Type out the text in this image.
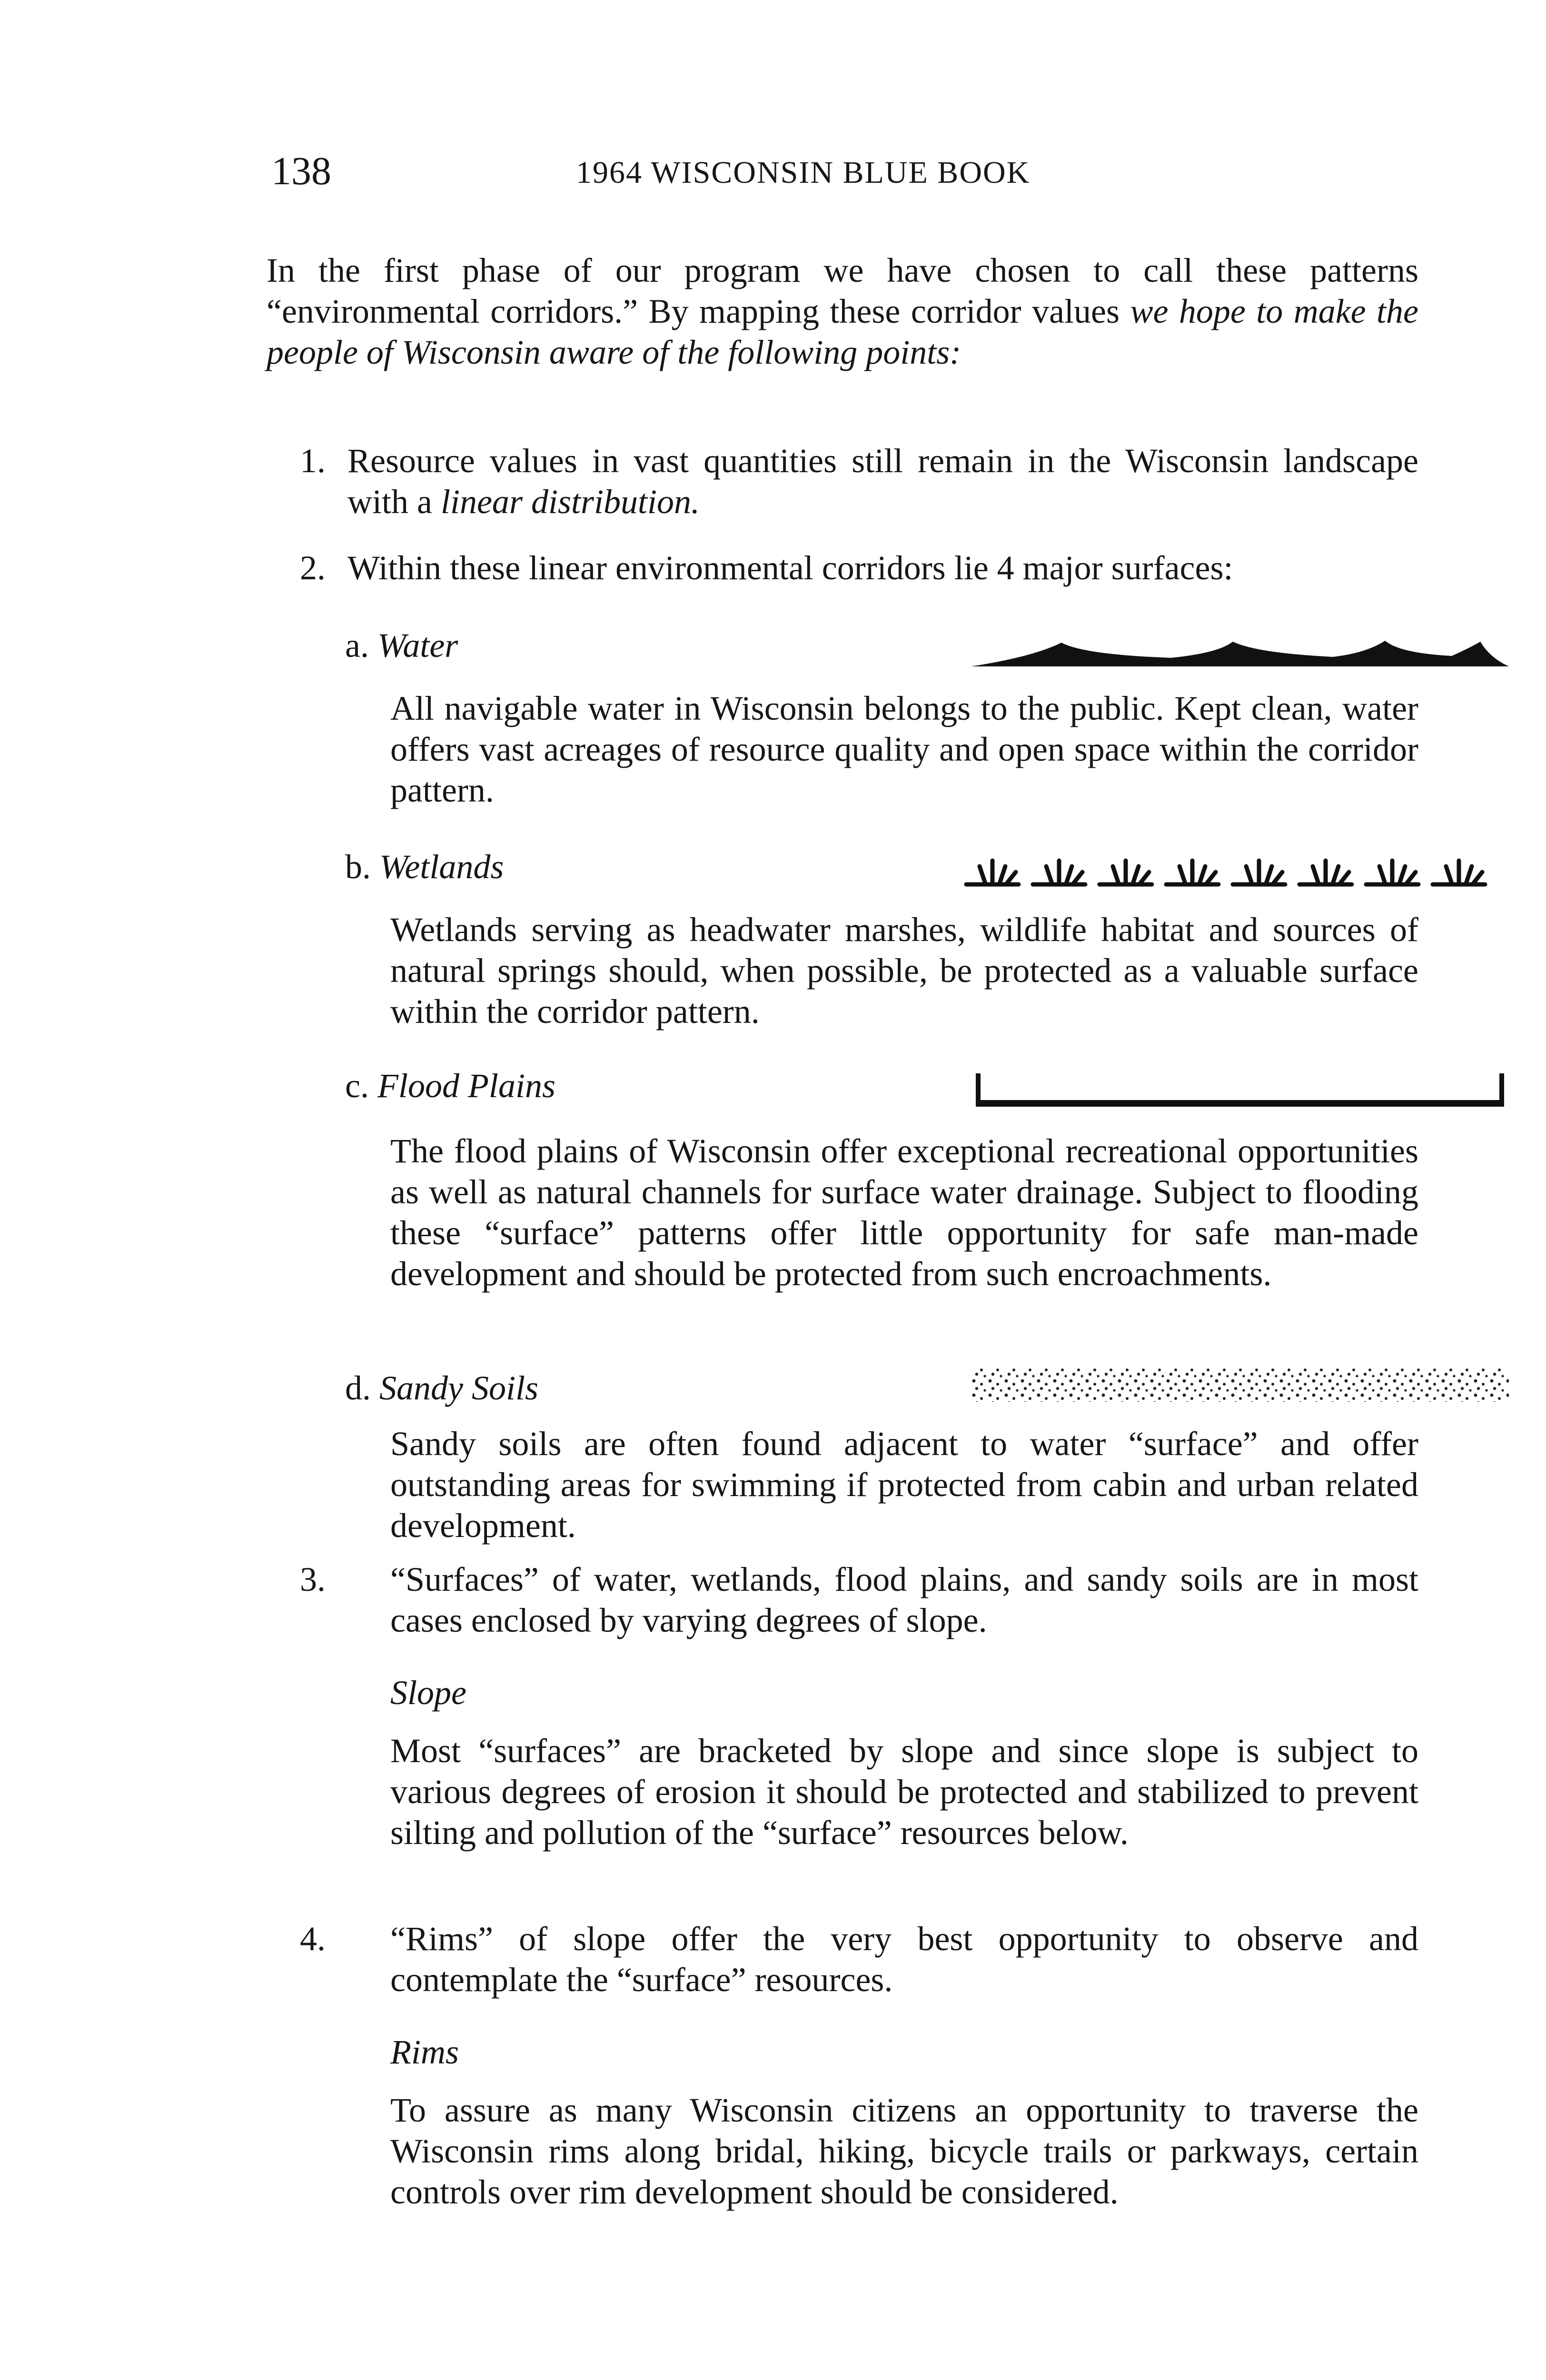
138	1964 WISCONSIN BLUE BOOK

In the first phase of our program we have chosen to call these patterns “environmental corridors.” By mapping these corridor values we hope to make the people of Wisconsin aware of the following points:

1. Resource values in vast quantities still remain in the Wisconsin landscape with a linear distribution.
2. Within these linear environmental corridors lie 4 major surfaces:
a. Water

All navigable water in Wisconsin belongs to the public. Kept clean, water offers vast acreages of resource quality and open space within the corridor pattern.

b. Wetlands

Wetlands serving as headwater marshes, wildlife habitat and sources of natural springs should, when possible, be protected as a valuable surface within the corridor pattern.

c. Flood Plains

The flood plains of Wisconsin offer exceptional recreational opportunities as well as natural channels for surface water drainage. Subject to flooding these “surface” patterns offer little opportunity for safe man-made development and should be protected from such encroachments.

d. Sandy Soils

Sandy soils are often found adjacent to water “surface” and offer outstanding areas for swimming if protected from cabin and urban related development.

3. “Surfaces” of water, wetlands, flood plains, and sandy soils are in most cases enclosed by varying degrees of slope.
Slope

Most “surfaces” are bracketed by slope and since slope is subject to various degrees of erosion it should be protected and stabilized to prevent silting and pollution of the “surface” resources below.

4. “Rims” of slope offer the very best opportunity to observe and contemplate the “surface” resources.
Rims

To assure as many Wisconsin citizens an opportunity to traverse the Wisconsin rims along bridal, hiking, bicycle trails or parkways, certain controls over rim development should be considered.
